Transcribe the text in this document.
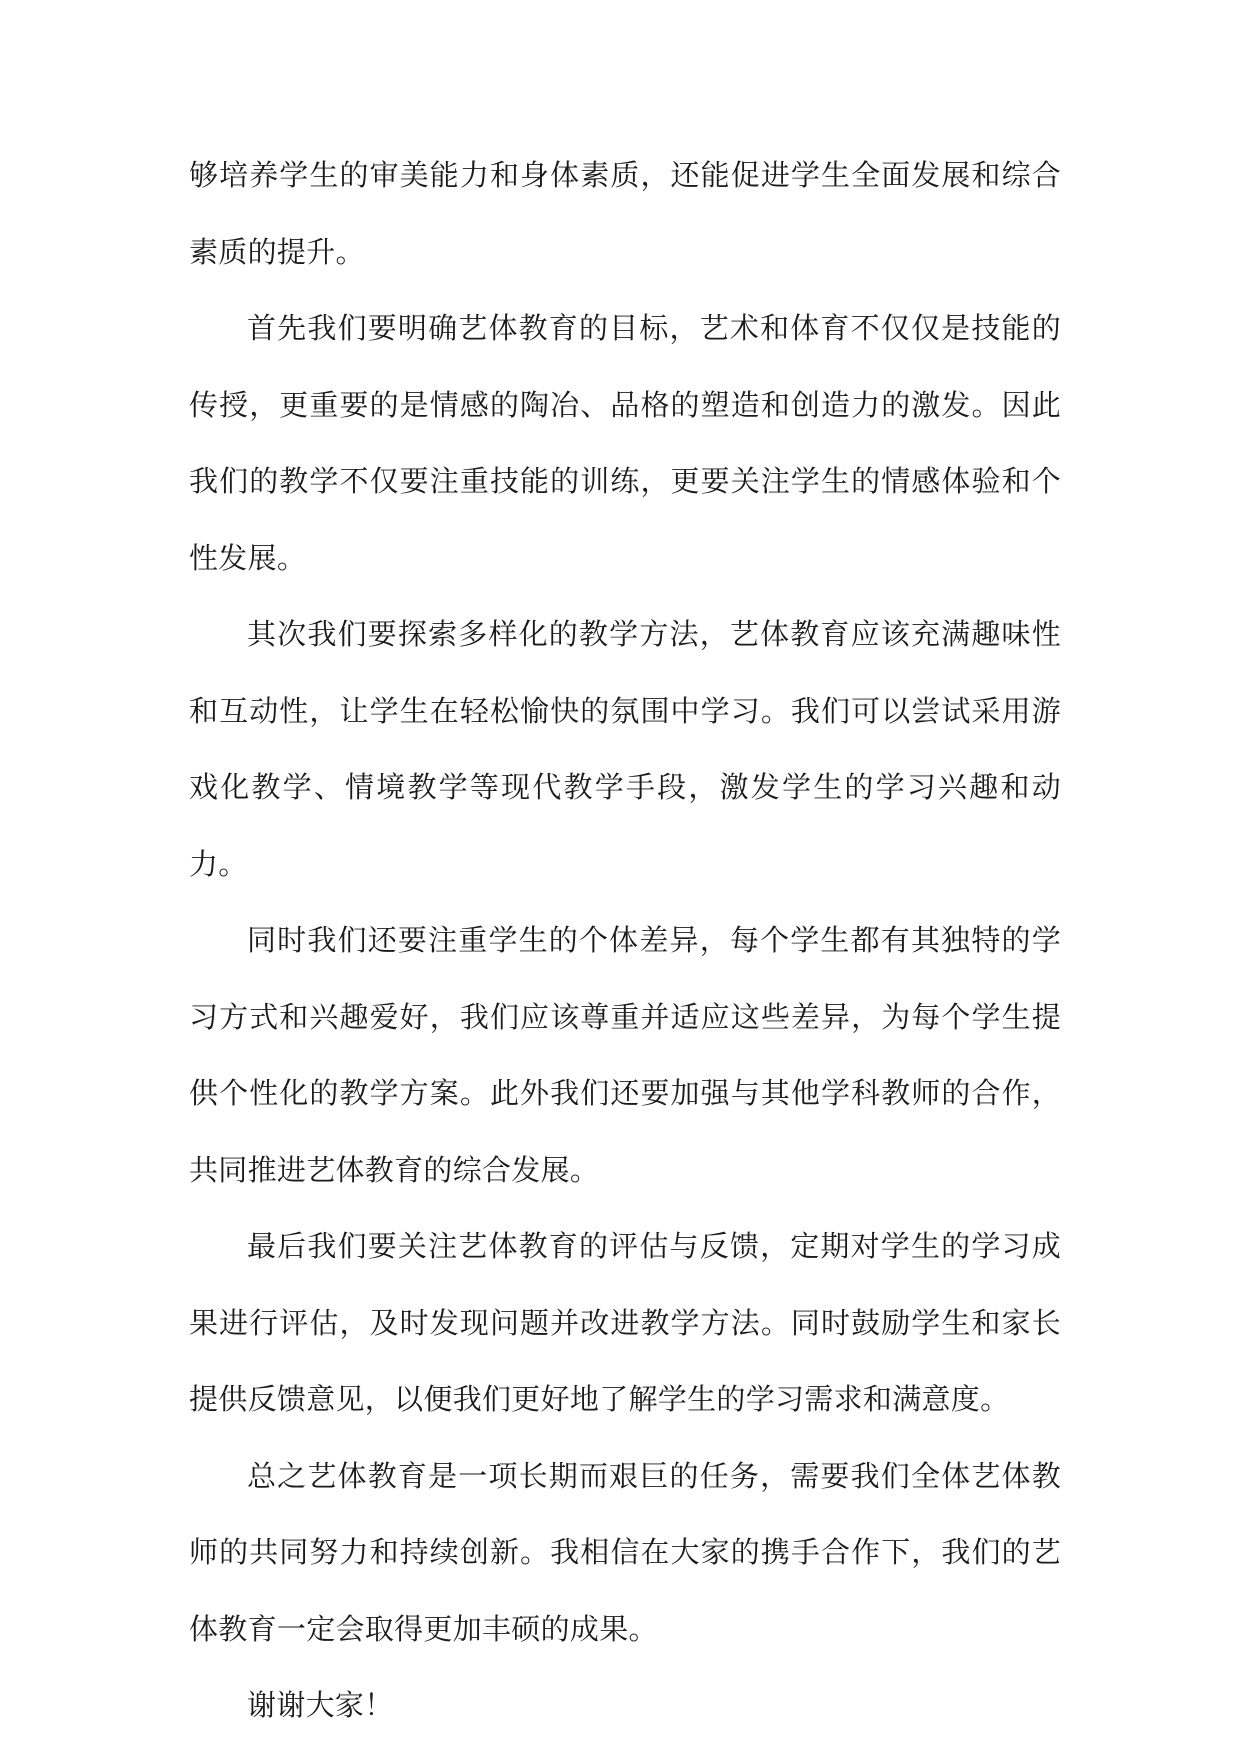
够培养学生的审美能力和身体素质，还能促进学生全面发展和综合素质的提升。

首先我们要明确艺体教育的目标，艺术和体育不仅仅是技能的传授，更重要的是情感的陶冶、品格的塑造和创造力的激发。因此我们的教学不仅要注重技能的训练，更要关注学生的情感体验和个性发展。

其次我们要探索多样化的教学方法，艺体教育应该充满趣味性和互动性，让学生在轻松愉快的氛围中学习。我们可以尝试采用游戏化教学、情境教学等现代教学手段，激发学生的学习兴趣和动力。

同时我们还要注重学生的个体差异，每个学生都有其独特的学习方式和兴趣爱好，我们应该尊重并适应这些差异，为每个学生提供个性化的教学方案。此外我们还要加强与其他学科教师的合作，共同推进艺体教育的综合发展。

最后我们要关注艺体教育的评估与反馈，定期对学生的学习成果进行评估，及时发现问题并改进教学方法。同时鼓励学生和家长提供反馈意见，以便我们更好地了解学生的学习需求和满意度。

总之艺体教育是一项长期而艰巨的任务，需要我们全体艺体教师的共同努力和持续创新。我相信在大家的携手合作下，我们的艺体教育一定会取得更加丰硕的成果。

谢谢大家！
